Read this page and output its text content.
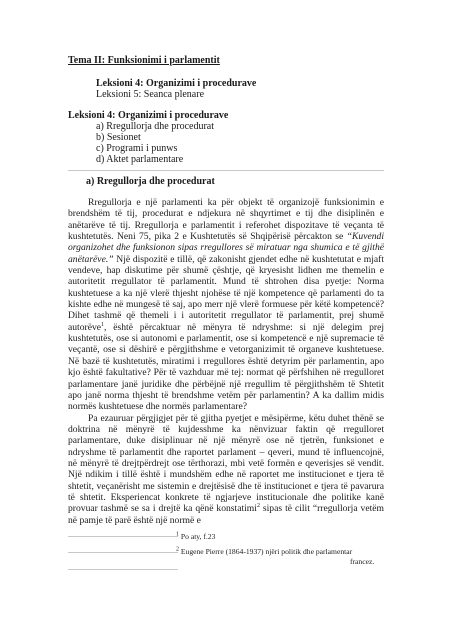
Tema II: Funksionimi i parlamentit
Leksioni 4: Organizimi i procedurave
Leksioni 5: Seanca plenare
Leksioni 4: Organizimi i procedurave
a) Rregullorja dhe procedurat
b) Sesionet
c) Programi i punws
d) Aktet parlamentare
a) Rregullorja dhe procedurat

Rregullorja e një parlamenti ka për objekt të organizojë funksionimin e brendshëm të tij, procedurat e ndjekura në shqyrtimet e tij dhe disiplinën e anëtarëve të tij. Rregullorja e parlamentit i referohet dispozitave të veçanta të kushtetutës. Neni 75, pika 2 e Kushtetutës së Shqipërisë përcakton se “Kuvendi organizohet dhe funksionon sipas rregullores së miratuar nga shumica e të gjithë anëtarëve.” Një dispozitë e tillë, që zakonisht gjendet edhe në kushtetutat e mjaft vendeve, hap diskutime për shumë çështje, që kryesisht lidhen me themelin e autoritetit rregullator të parlamentit. Mund të shtrohen disa pyetje: Norma kushtetuese a ka një vlerë thjesht njohëse të një kompetence që parlamenti do ta kishte edhe në mungesë të saj, apo merr një vlerë formuese për këtë kompetencë? Dihet tashmë që themeli i i autoritetit rregullator të parlamentit, prej shumë autorëve$^1$, është përcaktuar në mënyra të ndryshme: si një delegim prej kushtetutës, ose si autonomi e parlamentit, ose si kompetencë e një supremacie të veçantë, ose si dëshirë e përgjithshme e vetorganizimit të organeve kushtetuese. Në bazë të kushtetutës, miratimi i rregullores është detyrim për parlamentin, apo kjo është fakultative? Për të vazhduar më tej: normat që përfshihen në rregulloret parlamentare janë juridike dhe përbëjnë një rregullim të përgjithshëm të Shtetit apo janë norma thjesht të brendshme vetëm për parlamentin? A ka dallim midis normës kushtetuese dhe normës parlamentare?

Pa ezauruar përgjigjet për të gjitha pyetjet e mësipërme, këtu duhet thënë se doktrina në mënyrë të kujdesshme ka nënvizuar faktin që rregulloret parlamentare, duke disiplinuar në një mënyrë ose në tjetrën, funksionet e ndryshme të parlamentit dhe raportet parlament – qeveri, mund të influencojnë, në mënyrë të drejtpërdrejt ose tërthorazi, mbi vetë formën e qeverisjes së vendit. Një ndikim i tillë është i mundshëm edhe në raportet me institucionet e tjera të shtetit, veçanërisht me sistemin e drejtësisë dhe të institucionet e tjera të pavarura të shtetit. Eksperiencat konkrete të ngjarjeve institucionale dhe politike kanë provuar tashmë se sa i drejtë ka qënë konstatimi$^2$ sipas të cilit “rregullorja vetëm në pamje të parë është një normë e

$^1$ Po aty, f.23
$^2$ Eugene Pierre (1864-1937) njëri politik dhe parlamentar
francez.
